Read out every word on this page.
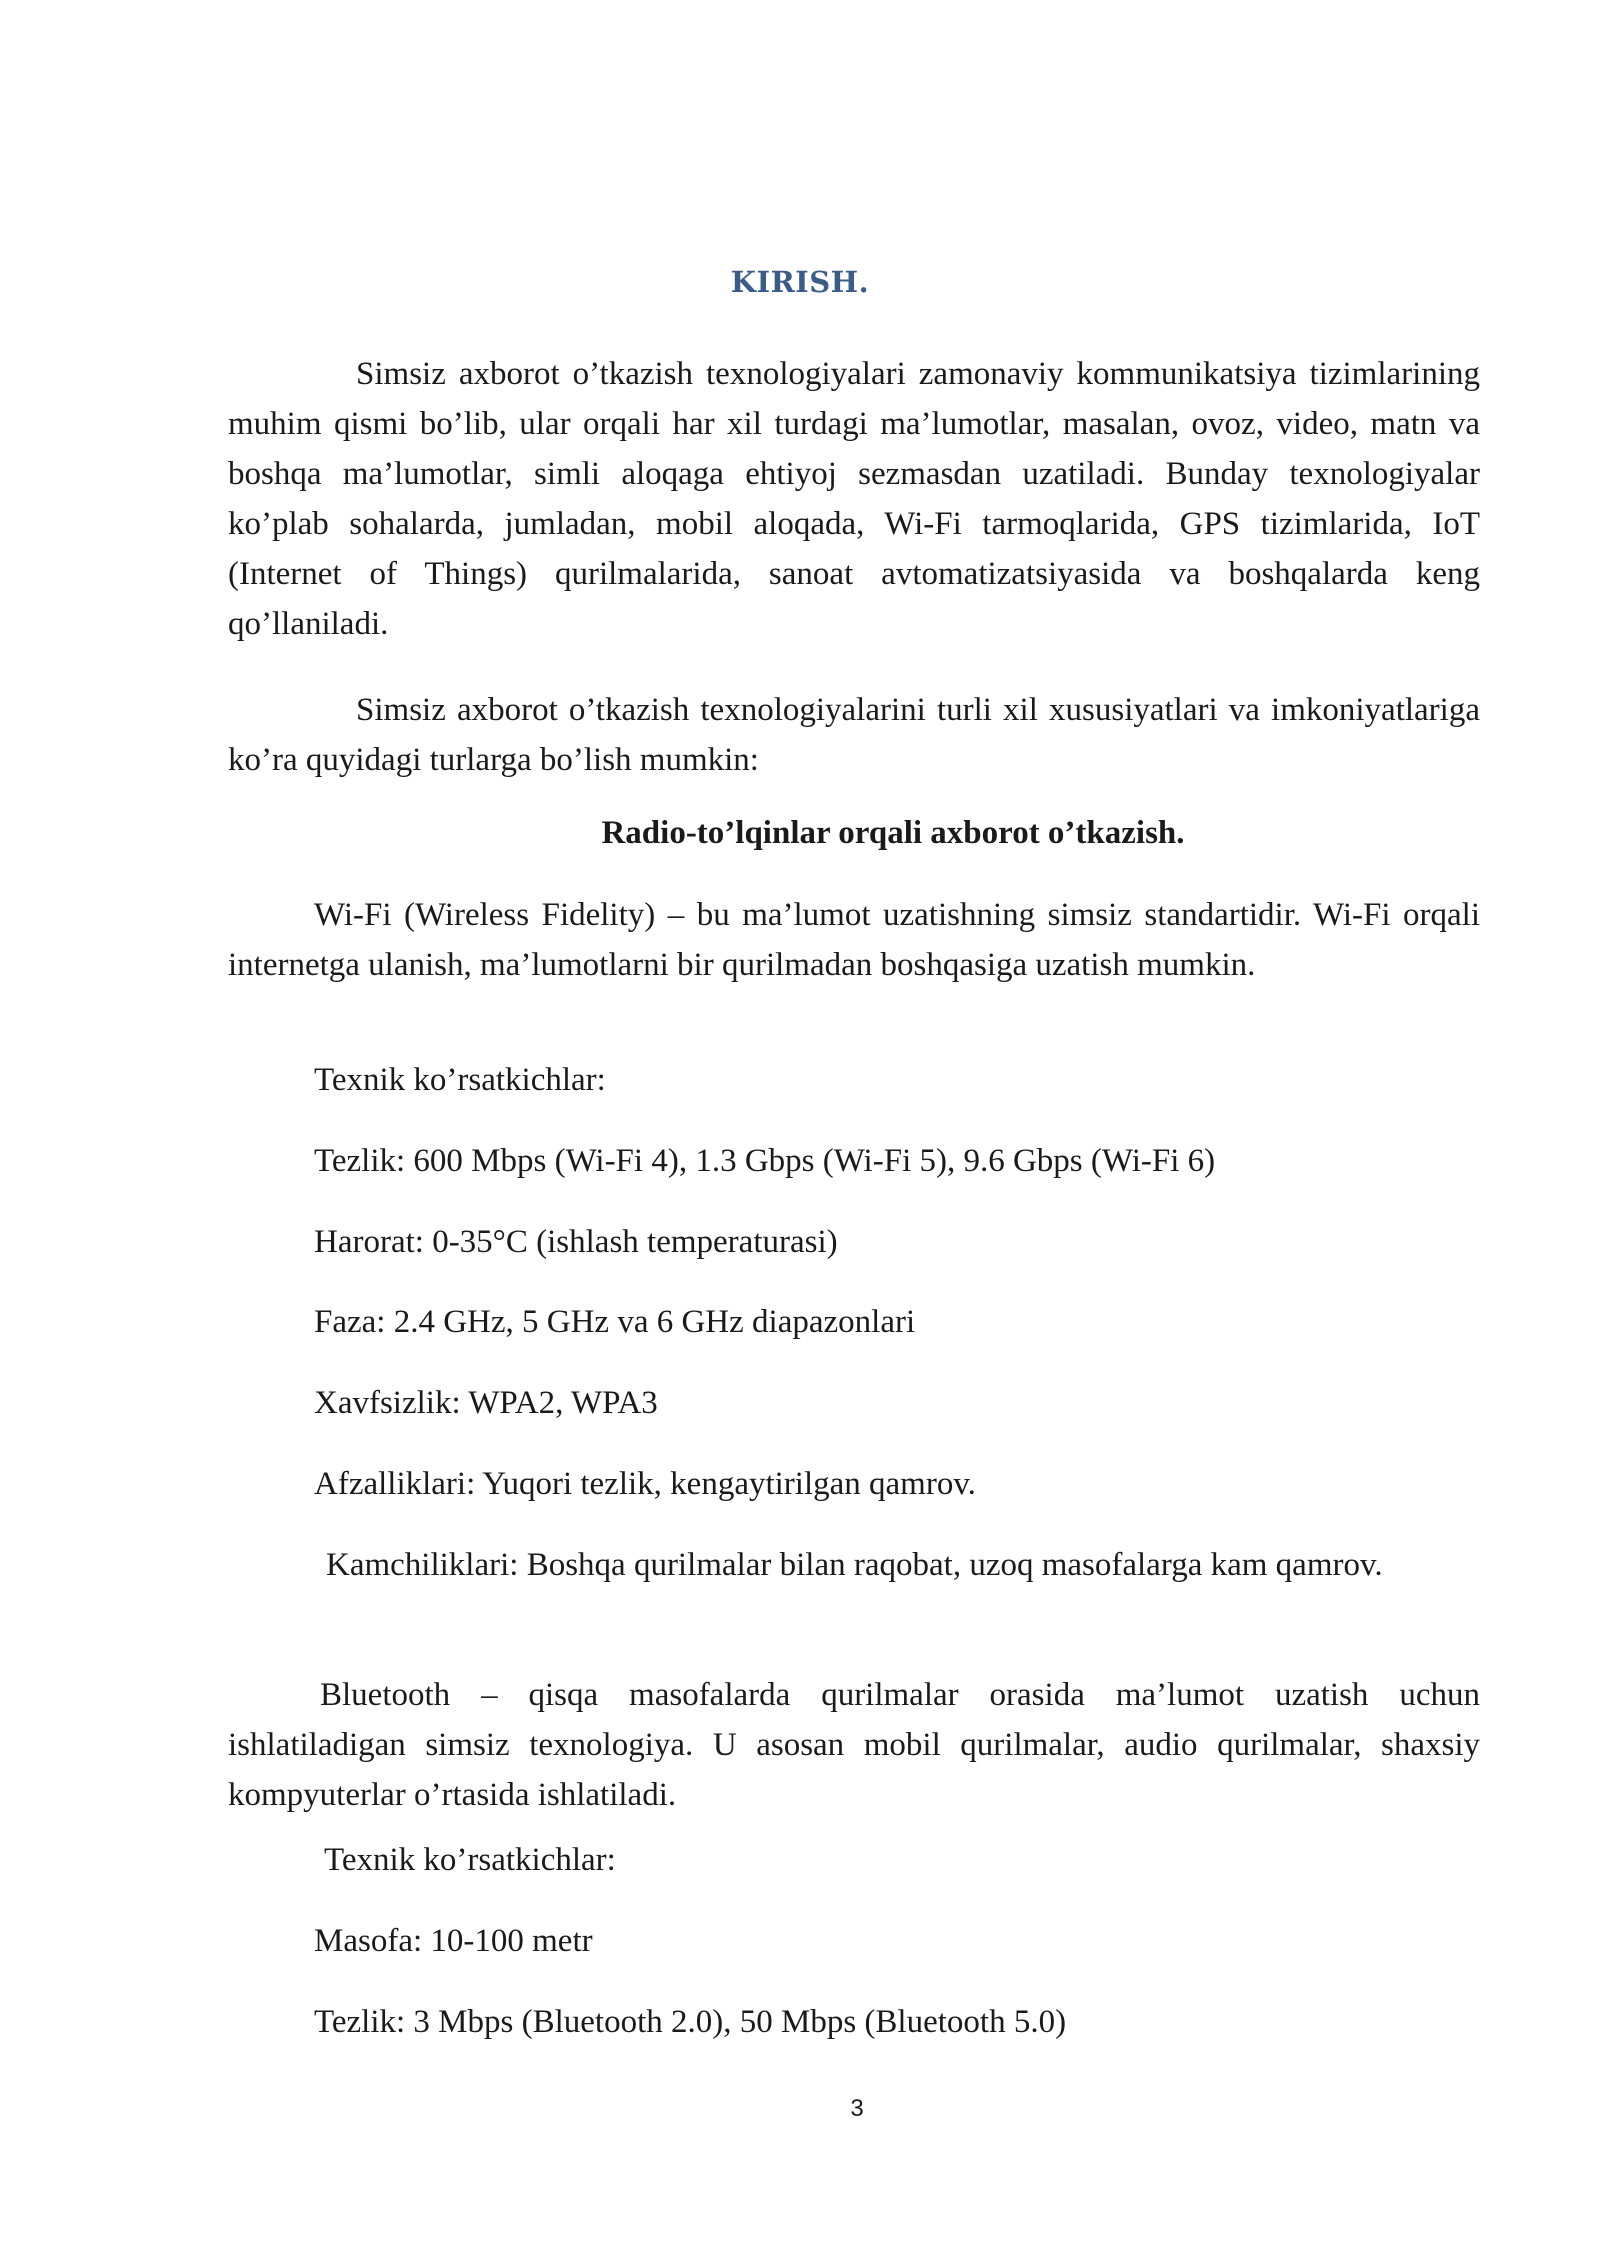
KIRISH.
Simsiz axborot o’tkazish texnologiyalari zamonaviy kommunikatsiya tizimlarining muhim qismi bo’lib, ular orqali har xil turdagi ma’lumotlar, masalan, ovoz, video, matn va boshqa ma’lumotlar, simli aloqaga ehtiyoj sezmasdan uzatiladi. Bunday texnologiyalar ko’plab sohalarda, jumladan, mobil aloqada, Wi-Fi tarmoqlarida, GPS tizimlarida, IoT (Internet of Things) qurilmalarida, sanoat avtomatizatsiyasida va boshqalarda keng qo’llaniladi.
Simsiz axborot o’tkazish texnologiyalarini turli xil xususiyatlari va imkoniyatlariga ko’ra quyidagi turlarga bo’lish mumkin:
Radio-to’lqinlar orqali axborot o’tkazish.
Wi-Fi (Wireless Fidelity) – bu ma’lumot uzatishning simsiz standartidir. Wi-Fi orqali internetga ulanish, ma’lumotlarni bir qurilmadan boshqasiga uzatish mumkin.
Texnik ko’rsatkichlar:
Tezlik: 600 Mbps (Wi-Fi 4), 1.3 Gbps (Wi-Fi 5), 9.6 Gbps (Wi-Fi 6)
Harorat: 0-35°C (ishlash temperaturasi)
Faza: 2.4 GHz, 5 GHz va 6 GHz diapazonlari
Xavfsizlik: WPA2, WPA3
Afzalliklari: Yuqori tezlik, kengaytirilgan qamrov.
Kamchiliklari: Boshqa qurilmalar bilan raqobat, uzoq masofalarga kam qamrov.
Bluetooth – qisqa masofalarda qurilmalar orasida ma’lumot uzatish uchun ishlatiladigan simsiz texnologiya. U asosan mobil qurilmalar, audio qurilmalar, shaxsiy kompyuterlar o’rtasida ishlatiladi.
Texnik ko’rsatkichlar:
Masofa: 10-100 metr
Tezlik: 3 Mbps (Bluetooth 2.0), 50 Mbps (Bluetooth 5.0)
3
